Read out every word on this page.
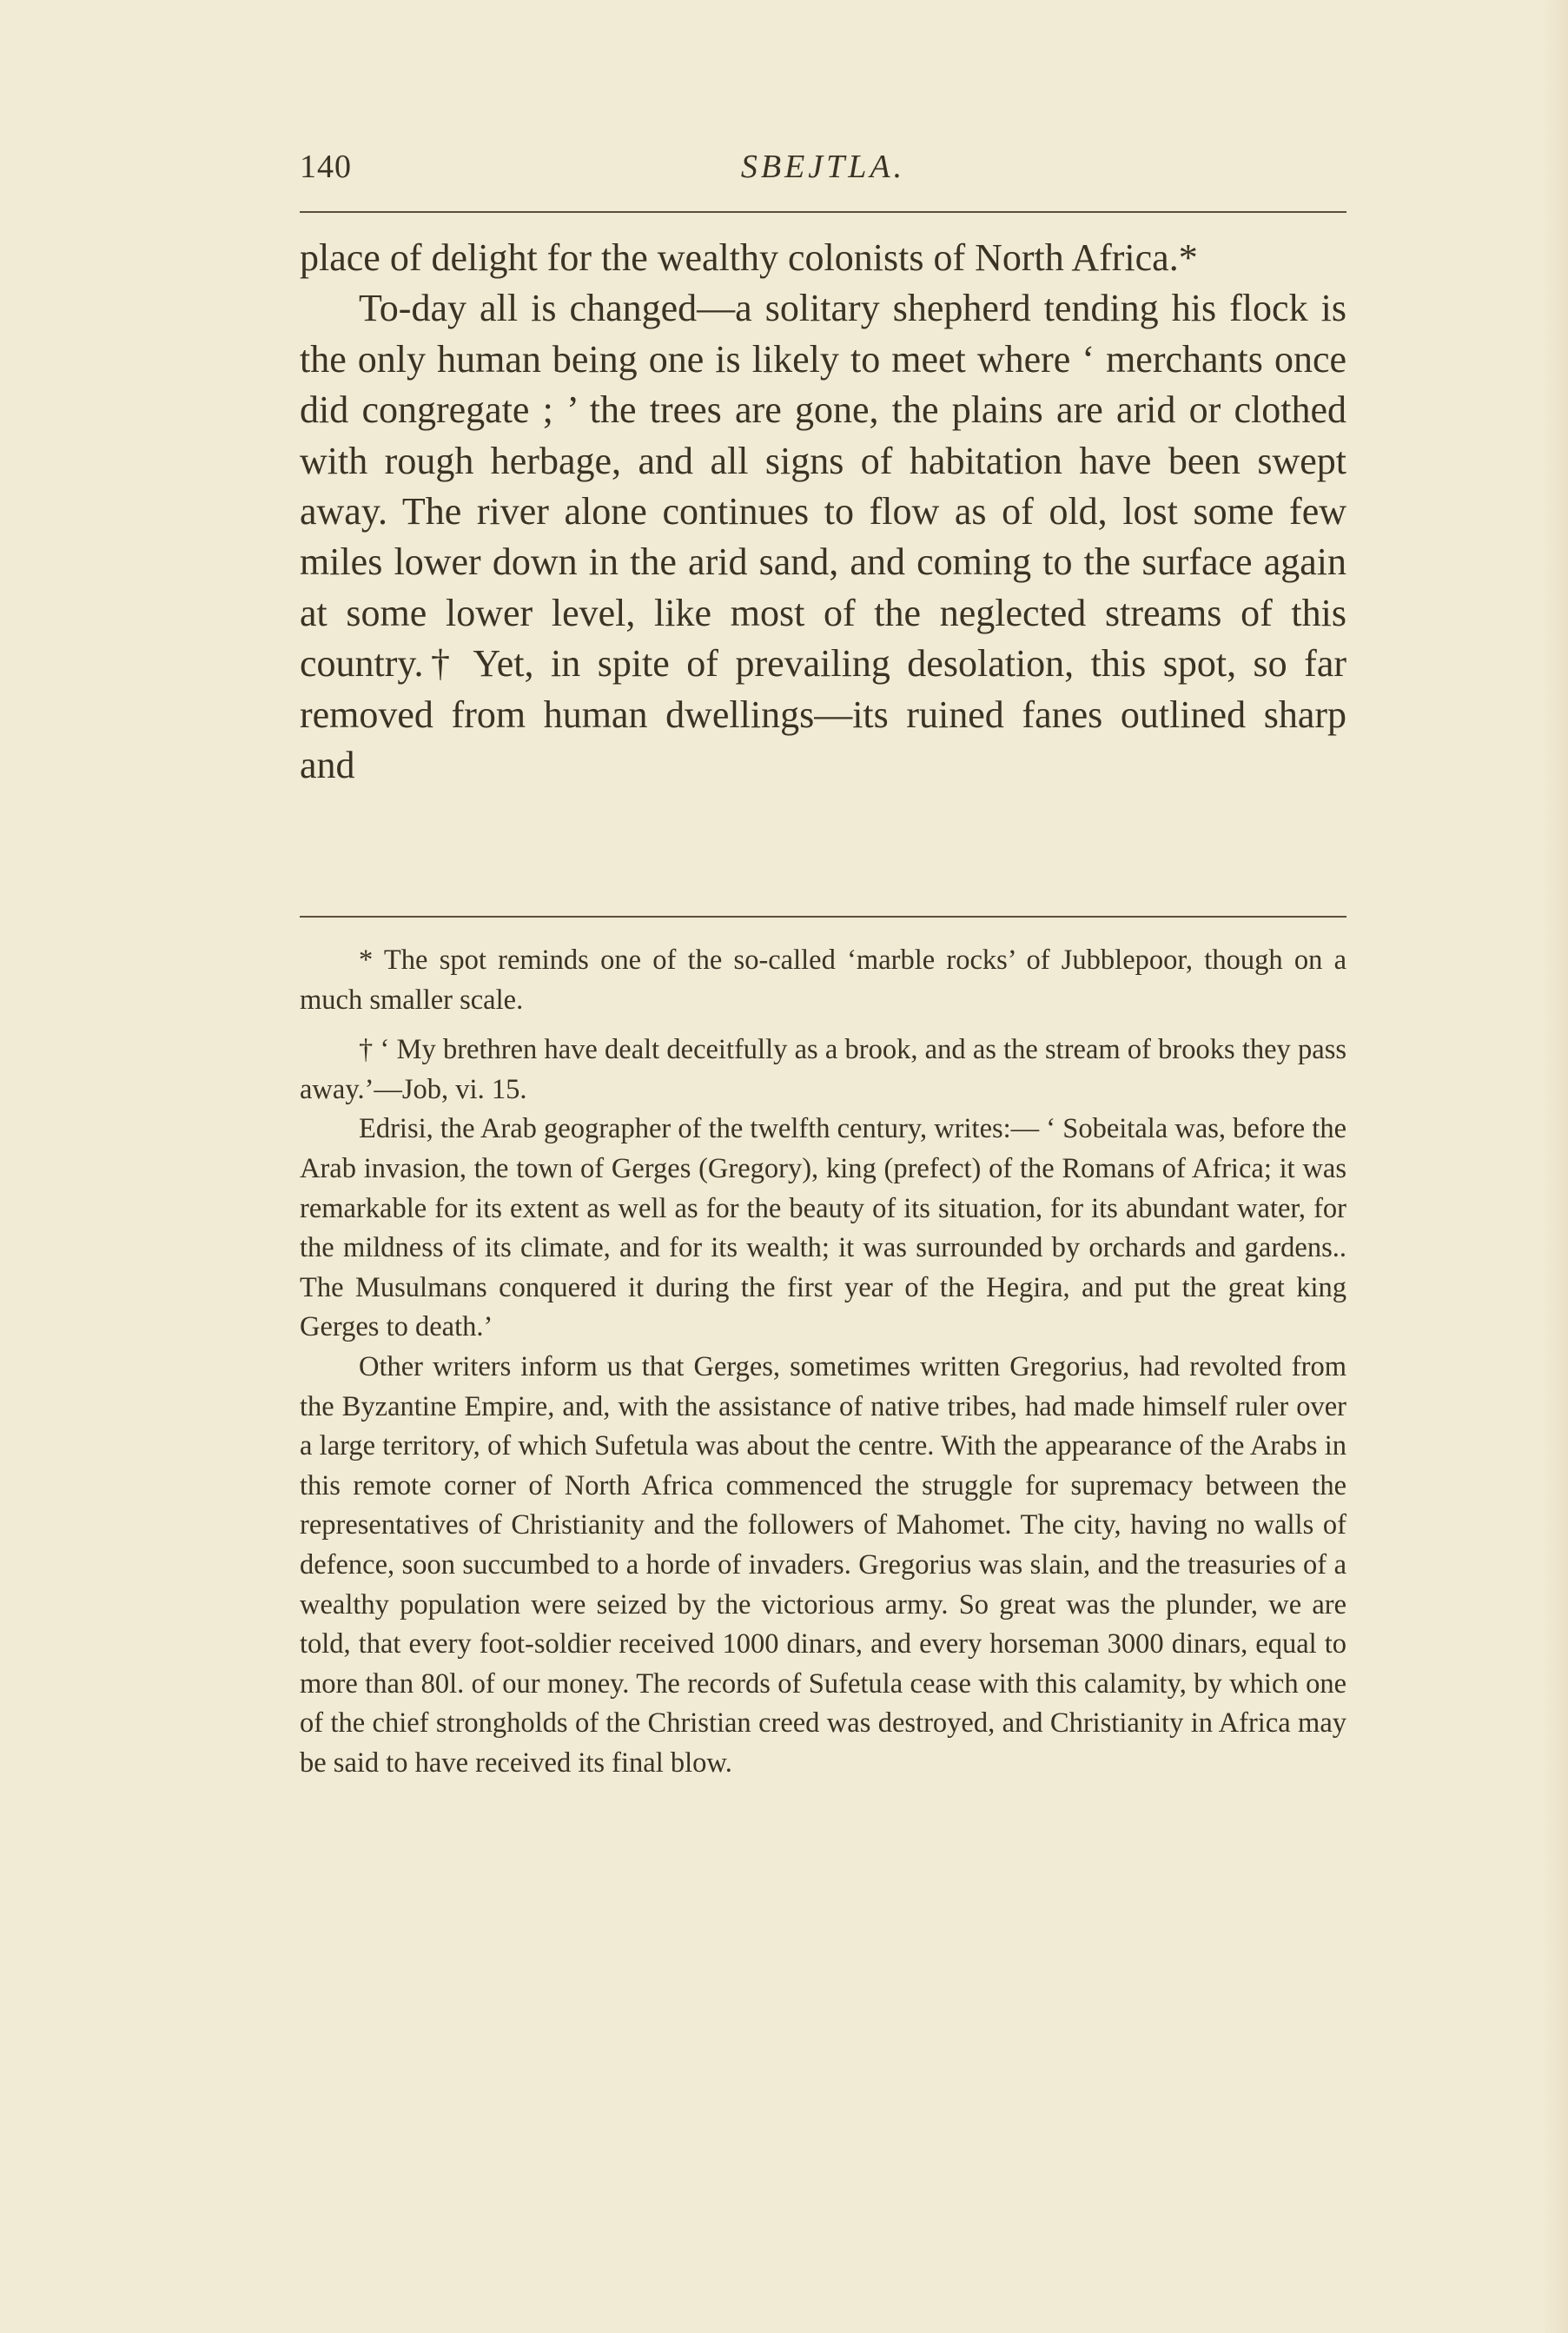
140	SBEJTLA.

place of delight for the wealthy colonists of North Africa.*

To-day all is changed—a solitary shepherd tending his flock is the only human being one is likely to meet where ‘ merchants once did congregate ; ’ the trees are gone, the plains are arid or clothed with rough herbage, and all signs of habitation have been swept away. The river alone continues to flow as of old, lost some few miles lower down in the arid sand, and coming to the surface again at some lower level, like most of the neglected streams of this country.† Yet, in spite of prevailing desolation, this spot, so far removed from human dwellings—its ruined fanes outlined sharp and

* The spot reminds one of the so-called ‘marble rocks’ of Jubblepoor, though on a much smaller scale.

† ‘ My brethren have dealt deceitfully as a brook, and as the stream of brooks they pass away.’—Job, vi. 15.

Edrisi, the Arab geographer of the twelfth century, writes:— ‘ Sobeitala was, before the Arab invasion, the town of Gerges (Gregory), king (prefect) of the Romans of Africa; it was remarkable for its extent as well as for the beauty of its situation, for its abundant water, for the mildness of its climate, and for its wealth; it was surrounded by orchards and gardens.. The Musulmans conquered it during the first year of the Hegira, and put the great king Gerges to death.’

Other writers inform us that Gerges, sometimes written Gregorius, had revolted from the Byzantine Empire, and, with the assistance of native tribes, had made himself ruler over a large territory, of which Sufetula was about the centre. With the appearance of the Arabs in this remote corner of North Africa commenced the struggle for supremacy between the representatives of Christianity and the followers of Mahomet. The city, having no walls of defence, soon succumbed to a horde of invaders. Gregorius was slain, and the treasuries of a wealthy population were seized by the victorious army. So great was the plunder, we are told, that every foot-soldier received 1000 dinars, and every horseman 3000 dinars, equal to more than 80l. of our money. The records of Sufetula cease with this calamity, by which one of the chief strongholds of the Christian creed was destroyed, and Christianity in Africa may be said to have received its final blow.
